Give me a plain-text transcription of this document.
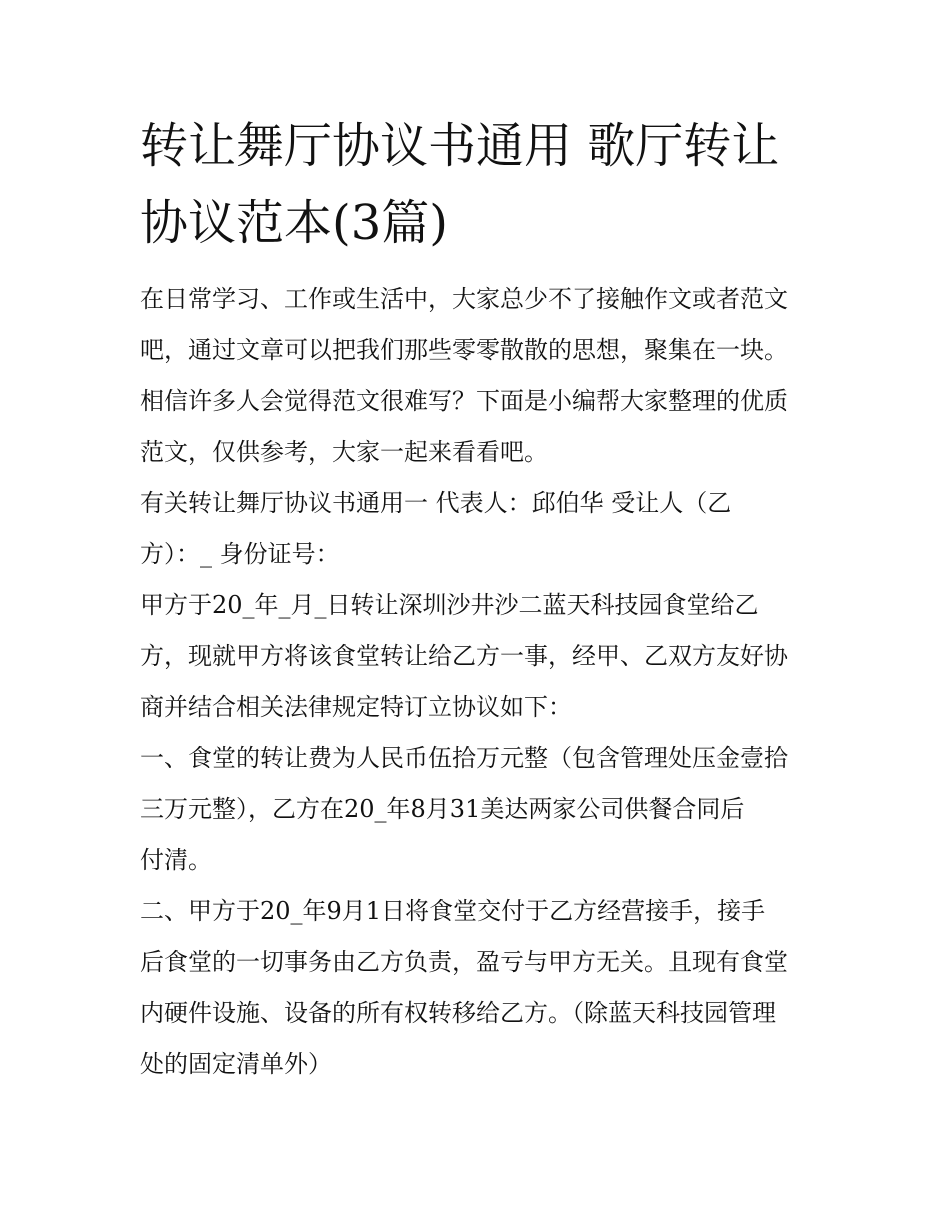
转让舞厅协议书通用 歌厅转让
协议范本(3篇)

在日常学习、工作或生活中，大家总少不了接触作文或者范文
吧，通过文章可以把我们那些零零散散的思想，聚集在一块。
相信许多人会觉得范文很难写？下面是小编帮大家整理的优质
范文，仅供参考，大家一起来看看吧。

有关转让舞厅协议书通用一 代表人：邱伯华 受让人（乙
方）：_ 身份证号：

甲方于20_年_月_日转让深圳沙井沙二蓝天科技园食堂给乙
方，现就甲方将该食堂转让给乙方一事，经甲、乙双方友好协
商并结合相关法律规定特订立协议如下：

一、食堂的转让费为人民币伍拾万元整（包含管理处压金壹拾
三万元整），乙方在20_年8月31美达两家公司供餐合同后
付清。

二、甲方于20_年9月1日将食堂交付于乙方经营接手，接手
后食堂的一切事务由乙方负责，盈亏与甲方无关。且现有食堂
内硬件设施、设备的所有权转移给乙方。（除蓝天科技园管理
处的固定清单外）
